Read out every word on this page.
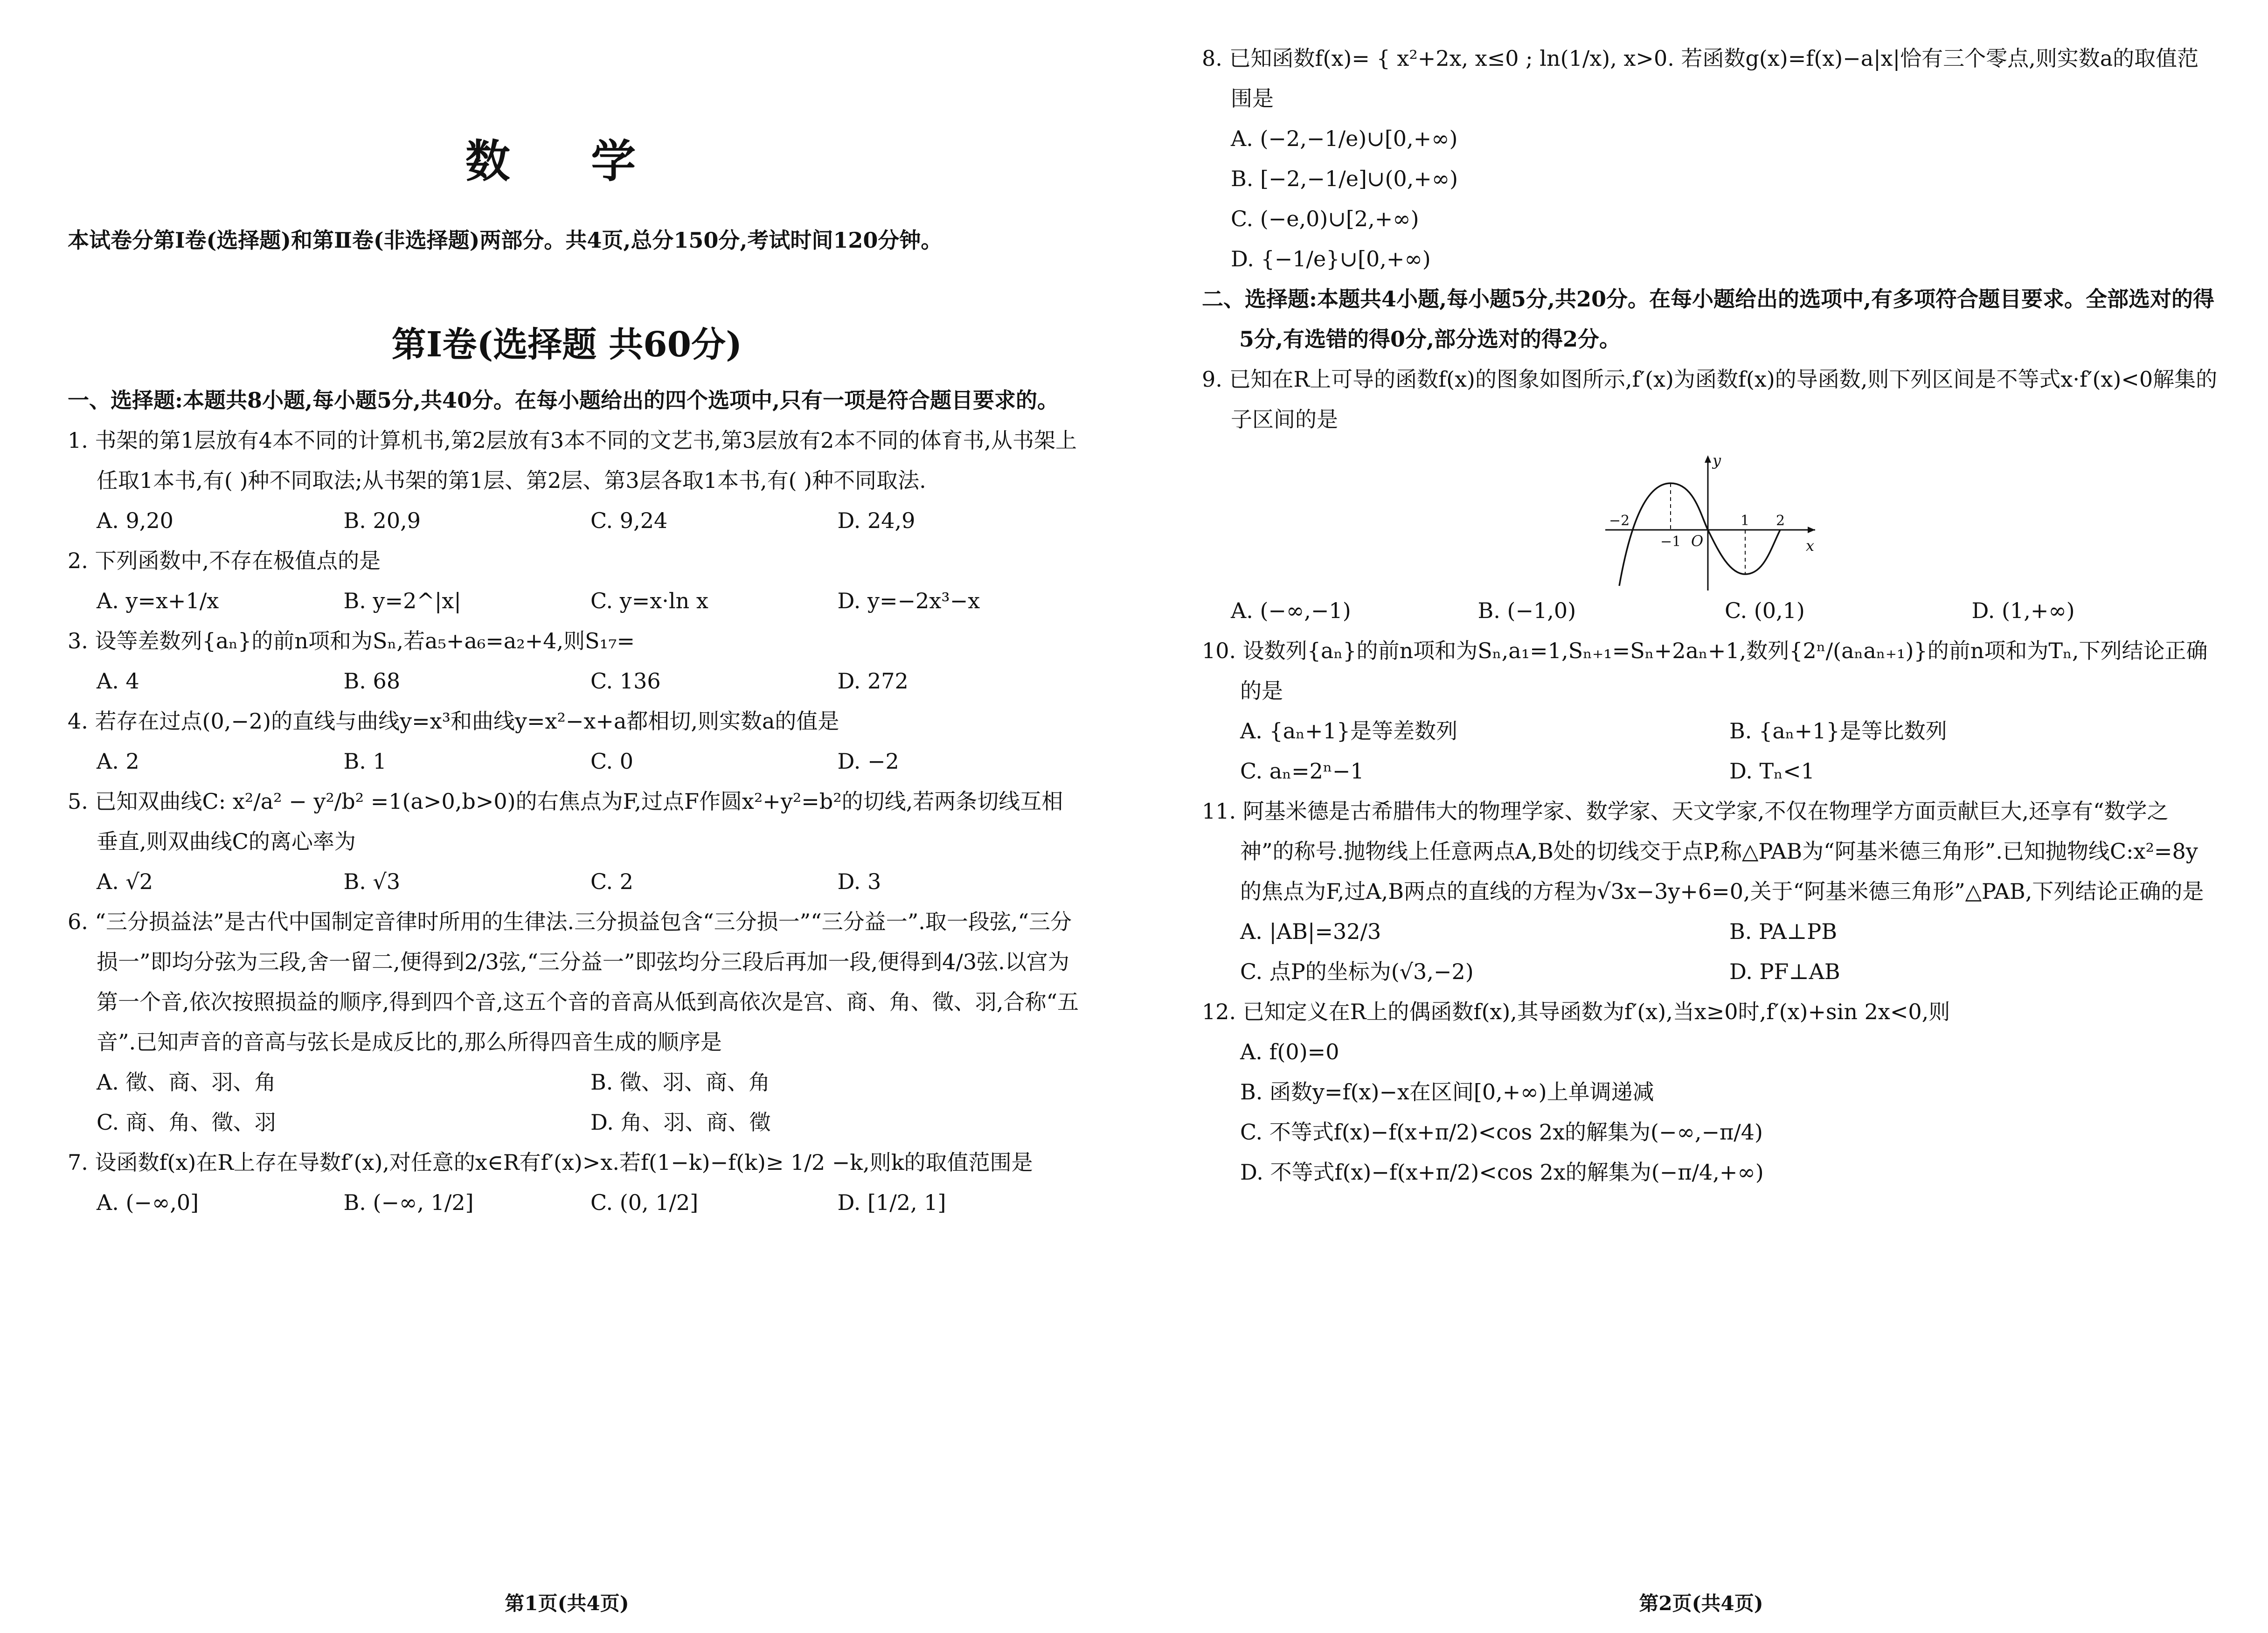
数 学
本试卷分第Ⅰ卷(选择题)和第Ⅱ卷(非选择题)两部分。共4页,总分150分,考试时间120分钟。
第Ⅰ卷(选择题 共60分)
一、选择题:本题共8小题,每小题5分,共40分。在每小题给出的四个选项中,只有一项是符合题目要求的。
1. 书架的第1层放有4本不同的计算机书,第2层放有3本不同的文艺书,第3层放有2本不同的体育书,从书架上任取1本书,有( )种不同取法;从书架的第1层、第2层、第3层各取1本书,有( )种不同取法.
A. 9,20	B. 20,9	C. 9,24	D. 24,9
2. 下列函数中,不存在极值点的是
A. y=x+1/x	B. y=2^|x|	C. y=x·ln x	D. y=−2x³−x
3. 设等差数列{aₙ}的前n项和为Sₙ,若a₅+a₆=a₂+4,则S₁₇=
A. 4	B. 68	C. 136	D. 272
4. 若存在过点(0,−2)的直线与曲线y=x³和曲线y=x²−x+a都相切,则实数a的值是
A. 2	B. 1	C. 0	D. −2
5. 已知双曲线C: x²/a² − y²/b² =1(a>0,b>0)的右焦点为F,过点F作圆x²+y²=b²的切线,若两条切线互相垂直,则双曲线C的离心率为
A. √2	B. √3	C. 2	D. 3
6. “三分损益法”是古代中国制定音律时所用的生律法.三分损益包含“三分损一”“三分益一”.取一段弦,“三分损一”即均分弦为三段,舍一留二,便得到2/3弦,“三分益一”即弦均分三段后再加一段,便得到4/3弦.以宫为第一个音,依次按照损益的顺序,得到四个音,这五个音的音高从低到高依次是宫、商、角、徵、羽,合称“五音”.已知声音的音高与弦长是成反比的,那么所得四音生成的顺序是
A. 徵、商、羽、角	B. 徵、羽、商、角
C. 商、角、徵、羽	D. 角、羽、商、徵
7. 设函数f(x)在R上存在导数f′(x),对任意的x∈R有f′(x)>x.若f(1−k)−f(k)≥ 1/2 −k,则k的取值范围是
A. (−∞,0]	B. (−∞, 1/2]	C. (0, 1/2]	D. [1/2, 1]
第1页(共4页)
8. 已知函数f(x)= { x²+2x, x≤0 ; ln(1/x), x>0. 若函数g(x)=f(x)−a|x|恰有三个零点,则实数a的取值范围是
A. (−2,−1/e)∪[0,+∞)
B. [−2,−1/e]∪(0,+∞)
C. (−e,0)∪[2,+∞)
D. {−1/e}∪[0,+∞)
二、选择题:本题共4小题,每小题5分,共20分。在每小题给出的选项中,有多项符合题目要求。全部选对的得5分,有选错的得0分,部分选对的得2分。
9. 已知在R上可导的函数f(x)的图象如图所示,f′(x)为函数f(x)的导函数,则下列区间是不等式x·f′(x)<0解集的子区间的是
y
x
O
−2
−1
1 2
A. (−∞,−1)	B. (−1,0)	C. (0,1)	D. (1,+∞)
10. 设数列{aₙ}的前n项和为Sₙ,a₁=1,Sₙ₊₁=Sₙ+2aₙ+1,数列{2ⁿ/(aₙaₙ₊₁)}的前n项和为Tₙ,下列结论正确的是
A. {aₙ+1}是等差数列	B. {aₙ+1}是等比数列
C. aₙ=2ⁿ−1	D. Tₙ<1
11. 阿基米德是古希腊伟大的物理学家、数学家、天文学家,不仅在物理学方面贡献巨大,还享有“数学之神”的称号.抛物线上任意两点A,B处的切线交于点P,称△PAB为“阿基米德三角形”.已知抛物线C:x²=8y的焦点为F,过A,B两点的直线的方程为√3x−3y+6=0,关于“阿基米德三角形”△PAB,下列结论正确的是
A. |AB|=32/3	B. PA⊥PB
C. 点P的坐标为(√3,−2)	D. PF⊥AB
12. 已知定义在R上的偶函数f(x),其导函数为f′(x),当x≥0时,f′(x)+sin 2x<0,则
A. f(0)=0
B. 函数y=f(x)−x在区间[0,+∞)上单调递减
C. 不等式f(x)−f(x+π/2)<cos 2x的解集为(−∞,−π/4)
D. 不等式f(x)−f(x+π/2)<cos 2x的解集为(−π/4,+∞)
第2页(共4页)
